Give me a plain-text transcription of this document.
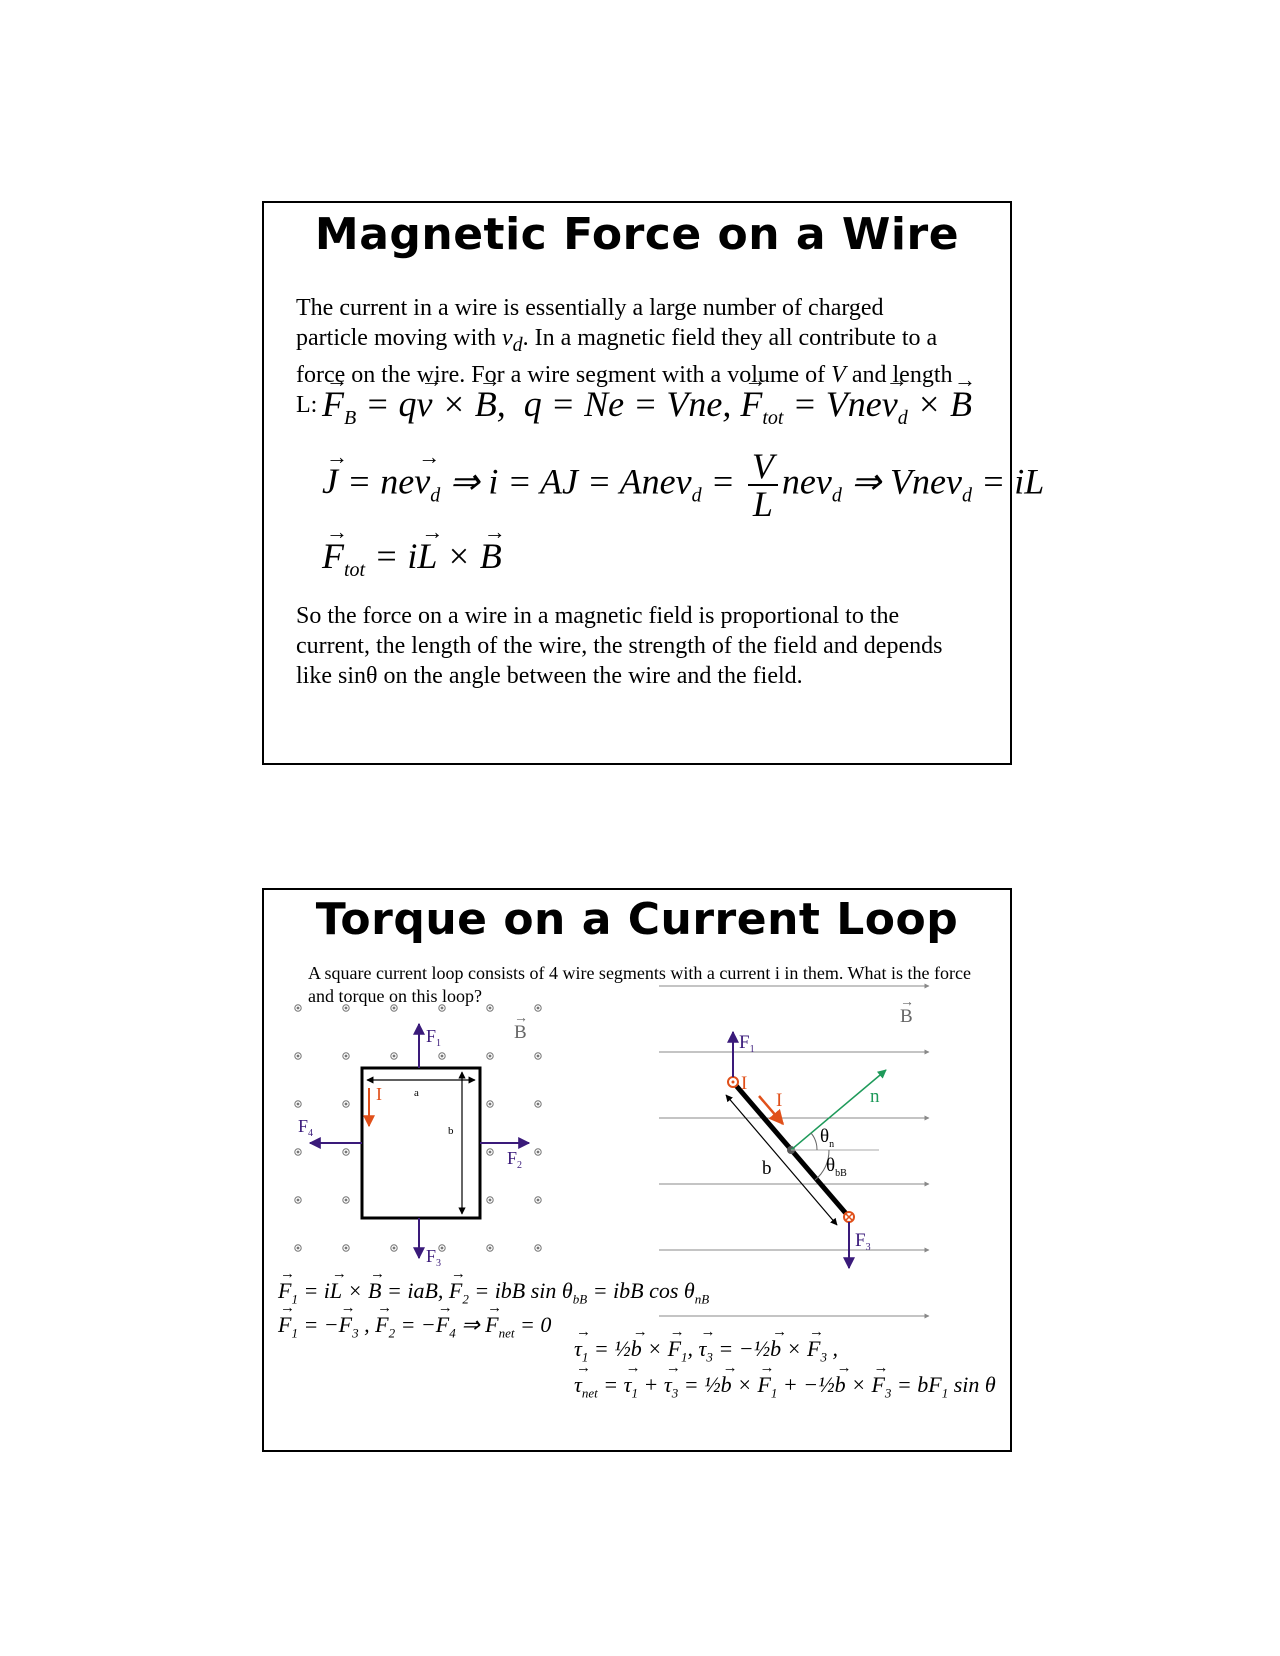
Magnetic Force on a Wire
The current in a wire is essentially a large number of charged
particle moving with $v_d$. In a magnetic field they all contribute to a
force on the wire. For a wire segment with a volume of V and length
L:
→ $F_B = q\to v$ × → B,  q = Ne = Vne, → $F_{tot} = Vne\to v_d$ × → B
→ $J = ne\to v_d$ ⇒ i = AJ = Anev$_d$ = $\frac{V}{L} nev_d$ ⇒ Vnev$_d$ = iL
→ $F_{tot} = i\to L$ × → B
So the force on a wire in a magnetic field is proportional to the
current, the length of the wire, the strength of the field and depends
like sinθ on the angle between the wire and the field.
Torque on a Current Loop
A square current loop consists of 4 wire segments with a current i in them. What is the force and torque on this loop?
a
b
I
$F_1$
$F_2$
$F_3$
$F_4$
B
→	B
→
b
I
I	n
$\theta_n$
$\theta_{bB}$
$F_1$
$F_3$
→ $F_1 = i\to L$ × → B = iaB, → $F_2$ = ibB $\sin \theta_{bB}$ = ibB $\cos \theta_{nB}$
→ $F_1$ = −→ $F_3$ , → $F_2$ = −→ $F_4$ ⇒ → $F_{net} = 0$
→ $\tau_1$ = ½→ b × → $F_1$, → $\tau_3$ = −½→ b × → $F_3$ ,
→ $\tau_{net}$ = → $\tau_1$ + → $\tau_3$ = ½→ b × → $F_1$ + −½→ b × → $F_3 = bF_1$ sin θ
